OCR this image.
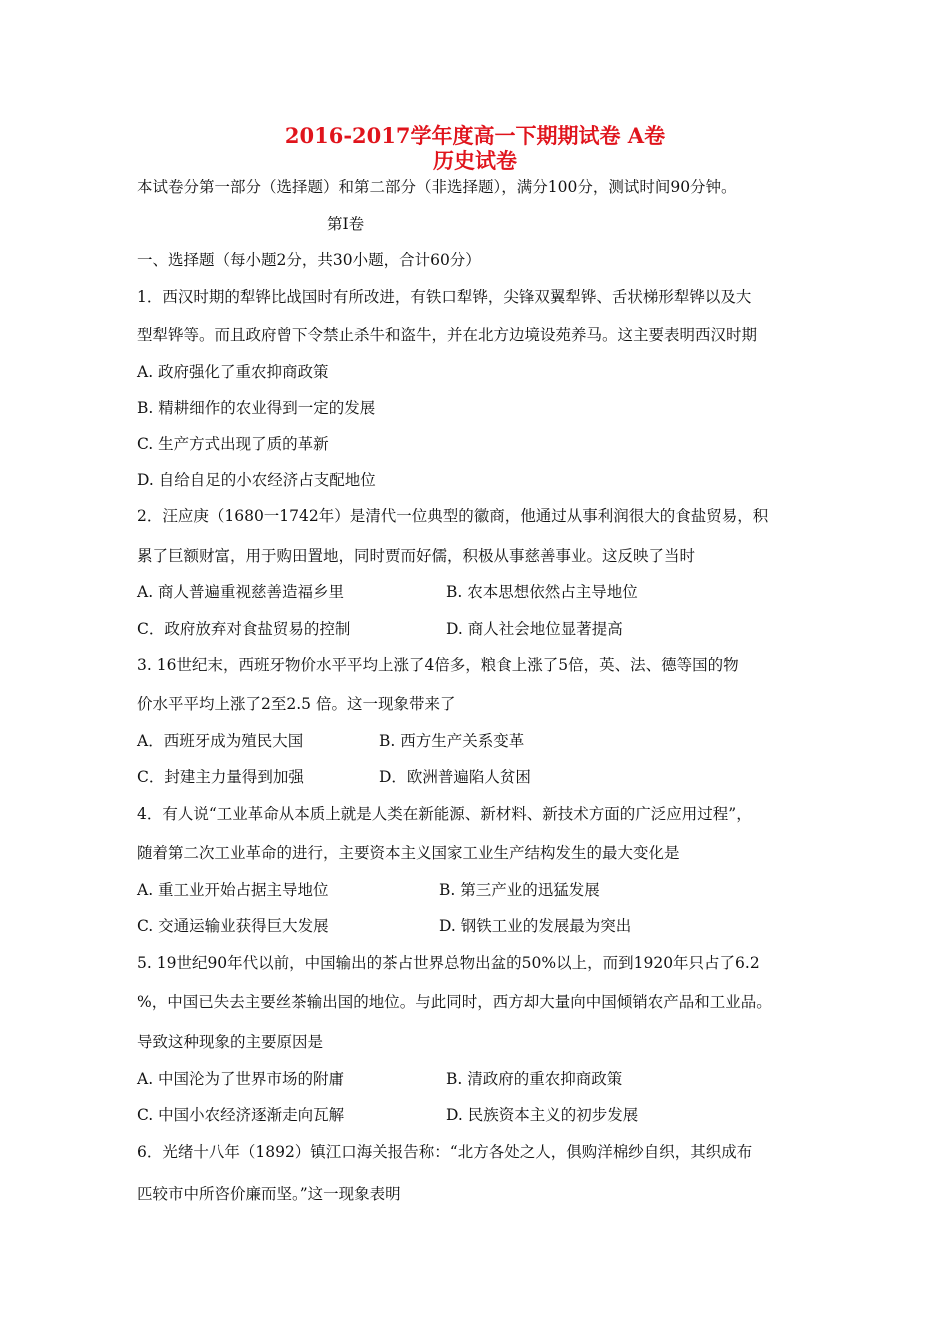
2016-2017学年度高一下期期试卷 A卷
历史试卷
本试卷分第一部分（选择题）和第二部分（非选择题），满分100分，测试时间90分钟。
第I卷
一、选择题（每小题2分，共30小题，合计60分）
1．西汉时期的犁铧比战国时有所改进，有铁口犁铧，尖锋双翼犁铧、舌状梯形犁铧以及大
型犁铧等。而且政府曾下令禁止杀牛和盗牛，并在北方边境设苑养马。这主要表明西汉时期
A. 政府强化了重农抑商政策
B. 精耕细作的农业得到一定的发展
C. 生产方式出现了质的革新
D. 自给自足的小农经济占支配地位
2．汪应庚（1680一1742年）是清代一位典型的徽商，他通过从事利润很大的食盐贸易，积
累了巨额财富，用于购田置地，同时贾而好儒，积极从事慈善事业。这反映了当时
A. 商人普遍重视慈善造福乡里	B. 农本思想依然占主导地位
C．政府放弃对食盐贸易的控制	D. 商人社会地位显著提高
3. 16世纪末，西班牙物价水平平均上涨了4倍多，粮食上涨了5倍，英、法、德等国的物
价水平平均上涨了2至2.5 倍。这一现象带来了
A．西班牙成为殖民大国	B. 西方生产关系变革
C．封建主力量得到加强	D．欧洲普遍陷人贫困
4．有人说“工业革命从本质上就是人类在新能源、新材料、新技术方面的广泛应用过程”，
随着第二次工业革命的进行，主要资本主义国家工业生产结构发生的最大变化是
A. 重工业开始占据主导地位	B. 第三产业的迅猛发展
C. 交通运输业获得巨大发展	D. 钢铁工业的发展最为突出
5. 19世纪90年代以前，中国输出的茶占世界总物出盆的50%以上，而到1920年只占了6.2
%，中国已失去主要丝茶输出国的地位。与此同时，西方却大量向中国倾销农产品和工业品。
导致这种现象的主要原因是
A. 中国沦为了世界市场的附庸	B. 清政府的重农抑商政策
C. 中国小农经济逐渐走向瓦解	D. 民族资本主义的初步发展
6．光绪十八年（1892）镇江口海关报告称：“北方各处之人，俱购洋棉纱自织，其织成布
匹较市中所咨价廉而坚。”这一现象表明
